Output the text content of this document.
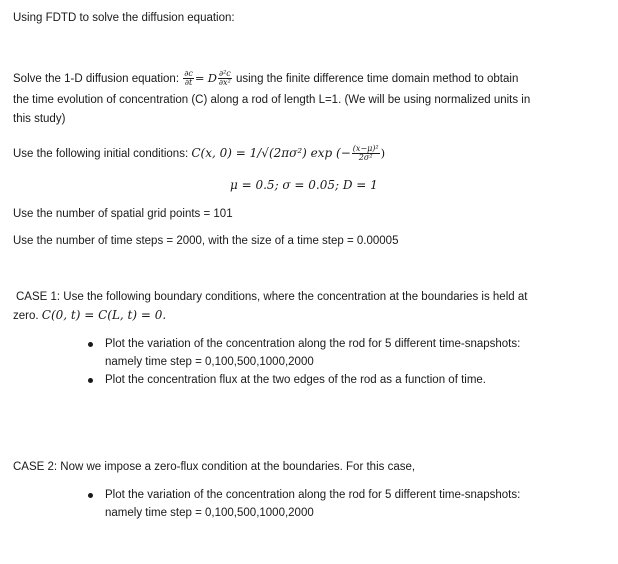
Using FDTD to solve the diffusion equation:
Solve the 1-D diffusion equation: $\frac{\partial c}{\partial t} = D \frac{\text{∂²c}}{\text{∂x²}}$ using the finite difference time domain method to obtain
the time evolution of concentration (C) along a rod of length L=1. (We will be using normalized units in
this study)
Use the following initial conditions: C(x, 0) = 1/√(2πσ²) exp (− $\frac{\text{(x−μ)²}}{\text{2σ²}}$ )
μ = 0.5; σ = 0.05; D = 1
Use the number of spatial grid points = 101
Use the number of time steps = 2000, with the size of a time step = 0.00005
CASE 1: Use the following boundary conditions, where the concentration at the boundaries is held at
zero. C(0, t) = C(L, t) = 0.
Plot the variation of the concentration along the rod for 5 different time-snapshots:
namely time step = 0,100,500,1000,2000
Plot the concentration flux at the two edges of the rod as a function of time.
CASE 2: Now we impose a zero-flux condition at the boundaries. For this case,
Plot the variation of the concentration along the rod for 5 different time-snapshots:
namely time step = 0,100,500,1000,2000
